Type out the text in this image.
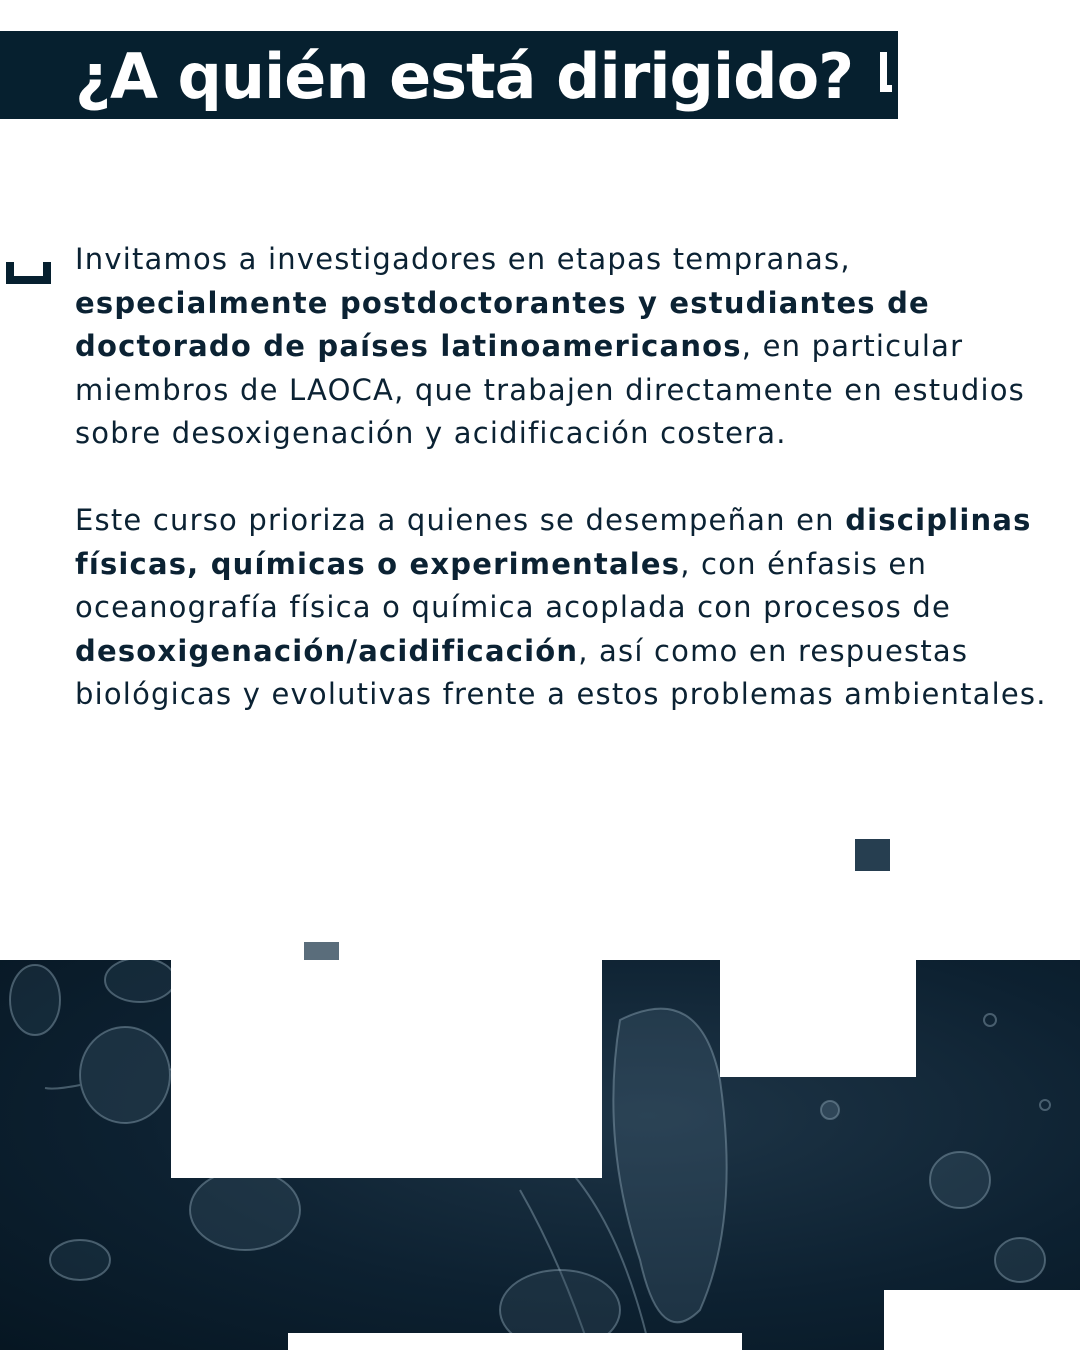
¿A quién está dirigido?

Invitamos a investigadores en etapas tempranas, especialmente postdoctorantes y estudiantes de doctorado de países latinoamericanos, en particular miembros de LAOCA, que trabajen directamente en estudios sobre desoxigenación y acidificación costera.

Este curso prioriza a quienes se desempeñan en disciplinas físicas, químicas o experimentales, con énfasis en oceanografía física o química acoplada con procesos de desoxigenación/acidificación, así como en respuestas biológicas y evolutivas frente a estos problemas ambientales.
